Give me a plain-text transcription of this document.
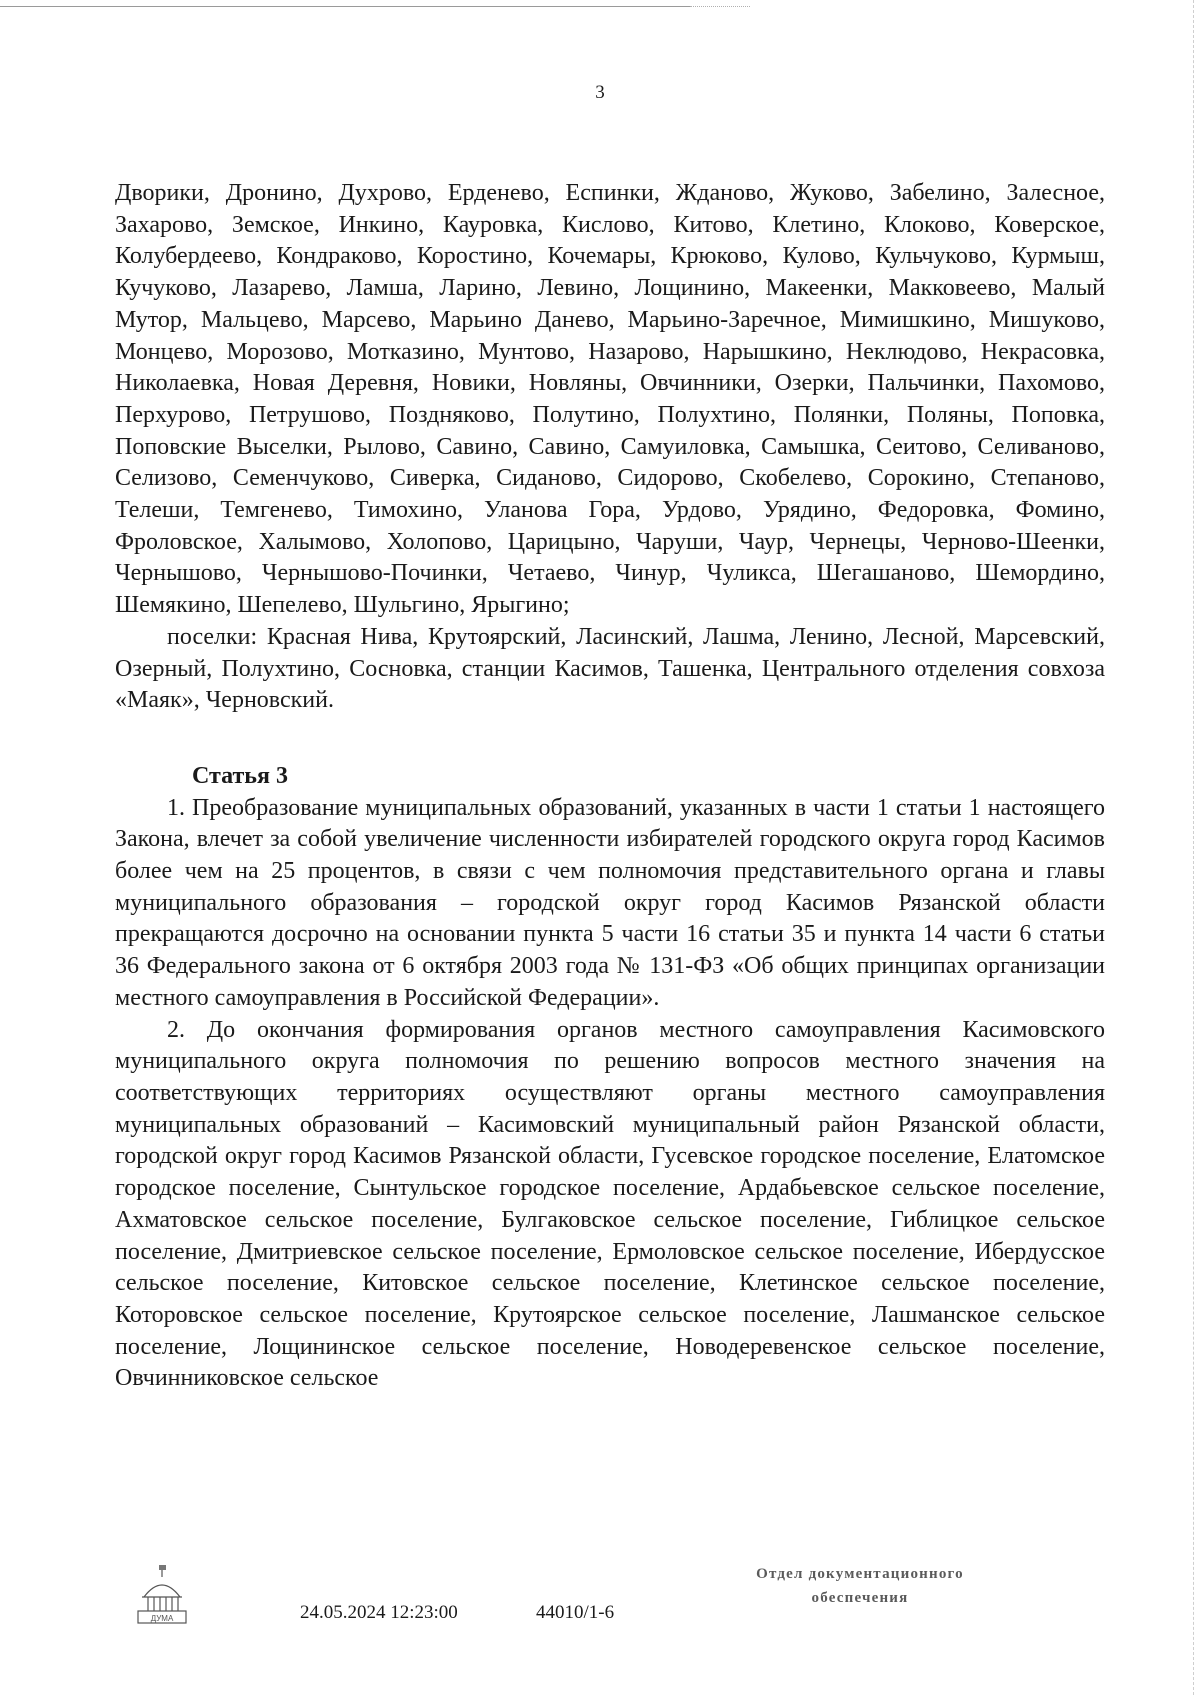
3

Дворики, Дронино, Духрово, Ерденево, Еспинки, Жданово, Жуково, Забелино, Залесное, Захарово, Земское, Инкино, Кауровка, Кислово, Китово, Клетино, Клоково, Коверское, Колубердеево, Кондраково, Коростино, Кочемары, Крюково, Кулово, Кульчуково, Курмыш, Кучуково, Лазарево, Ламша, Ларино, Левино, Лощинино, Макеенки, Макковеево, Малый Мутор, Мальцево, Марсево, Марьино Данево, Марьино-Заречное, Мимишкино, Мишуково, Монцево, Морозово, Мотказино, Мунтово, Назарово, Нарышкино, Неклюдово, Некрасовка, Николаевка, Новая Деревня, Новики, Новляны, Овчинники, Озерки, Пальчинки, Пахомово, Перхурово, Петрушово, Поздняково, Полутино, Полухтино, Полянки, Поляны, Поповка, Поповские Выселки, Рылово, Савино, Савино, Самуиловка, Самышка, Сеитово, Селиваново, Селизово, Семенчуково, Сиверка, Сиданово, Сидорово, Скобелево, Сорокино, Степаново, Телеши, Темгенево, Тимохино, Уланова Гора, Урдово, Урядино, Федоровка, Фомино, Фроловское, Халымово, Холопово, Царицыно, Чаруши, Чаур, Чернецы, Черново-Шеенки, Чернышово, Чернышово-Починки, Четаево, Чинур, Чуликса, Шегашаново, Шемордино, Шемякино, Шепелево, Шульгино, Ярыгино;

поселки: Красная Нива, Крутоярский, Ласинский, Лашма, Ленино, Лесной, Марсевский, Озерный, Полухтино, Сосновка, станции Касимов, Ташенка, Центрального отделения совхоза «Маяк», Черновский.

Статья 3

1. Преобразование муниципальных образований, указанных в части 1 статьи 1 настоящего Закона, влечет за собой увеличение численности избирателей городского округа город Касимов более чем на 25 процентов, в связи с чем полномочия представительного органа и главы муниципального образования – городской округ город Касимов Рязанской области прекращаются досрочно на основании пункта 5 части 16 статьи 35 и пункта 14 части 6 статьи 36 Федерального закона от 6 октября 2003 года № 131-ФЗ «Об общих принципах организации местного самоуправления в Российской Федерации».

2. До окончания формирования органов местного самоуправления Касимовского муниципального округа полномочия по решению вопросов местного значения на соответствующих территориях осуществляют органы местного самоуправления муниципальных образований – Касимовский муниципальный район Рязанской области, городской округ город Касимов Рязанской области, Гусевское городское поселение, Елатомское городское поселение, Сынтульское городское поселение, Ардабьевское сельское поселение, Ахматовское сельское поселение, Булгаковское сельское поселение, Гиблицкое сельское поселение, Дмитриевское сельское поселение, Ермоловское сельское поселение, Ибердусское сельское поселение, Китовское сельское поселение, Клетинское сельское поселение, Которовское сельское поселение, Крутоярское сельское поселение, Лашманское сельское поселение, Лощининское сельское поселение, Новодеревенское сельское поселение, Овчинниковское сельское

ДУМА	24.05.2024 12:23:00	44010/1-6
Отдел документационного
обеспечения
